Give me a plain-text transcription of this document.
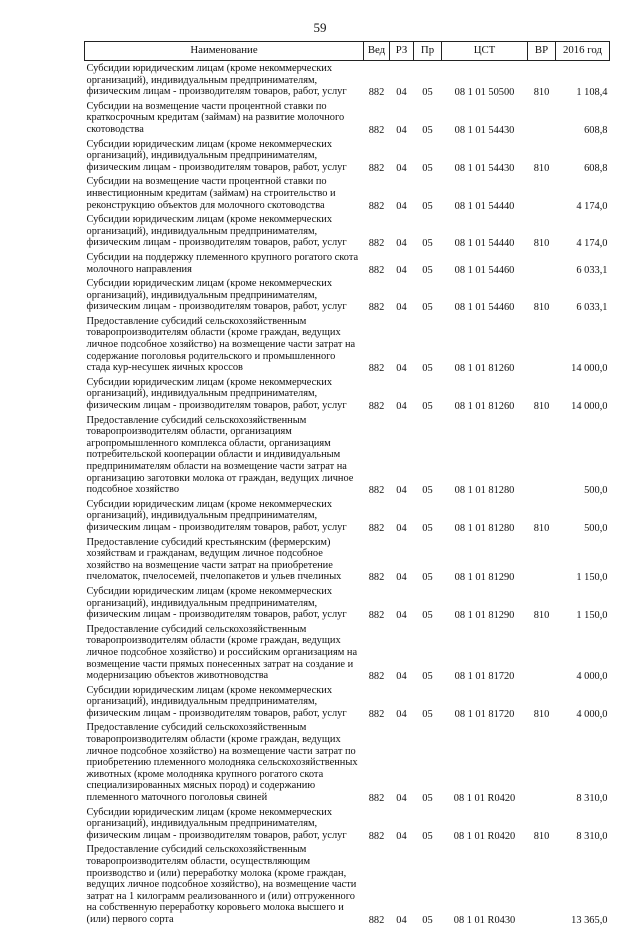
59
Наименование	Вед	РЗ	Пр	ЦСТ	ВР	2016 год
Субсидии юридическим лицам (кроме некоммерческих организаций), индивидуальным предпринимателям, физическим лицам - производителям товаров, работ, услуг	882	04	05	08 1 01 50500	810	1 108,4
Субсидии на возмещение части процентной ставки по краткосрочным кредитам (займам) на развитие молочного скотоводства	882	04	05	08 1 01 54430		608,8
Субсидии юридическим лицам (кроме некоммерческих организаций), индивидуальным предпринимателям, физическим лицам - производителям товаров, работ, услуг	882	04	05	08 1 01 54430	810	608,8
Субсидии на возмещение части процентной ставки по инвестиционным кредитам (займам) на строительство и реконструкцию объектов для молочного скотоводства	882	04	05	08 1 01 54440		4 174,0
Субсидии юридическим лицам (кроме некоммерческих организаций), индивидуальным предпринимателям, физическим лицам - производителям товаров, работ, услуг	882	04	05	08 1 01 54440	810	4 174,0
Субсидии на поддержку племенного крупного рогатого скота молочного направления	882	04	05	08 1 01 54460		6 033,1
Субсидии юридическим лицам (кроме некоммерческих организаций), индивидуальным предпринимателям, физическим лицам - производителям товаров, работ, услуг	882	04	05	08 1 01 54460	810	6 033,1
Предоставление субсидий сельскохозяйственным товаропроизводителям области (кроме граждан, ведущих личное подсобное хозяйство) на возмещение части затрат на содержание поголовья родительского и промышленного стада кур-несушек яичных кроссов	882	04	05	08 1 01 81260		14 000,0
Субсидии юридическим лицам (кроме некоммерческих организаций), индивидуальным предпринимателям, физическим лицам - производителям товаров, работ, услуг	882	04	05	08 1 01 81260	810	14 000,0
Предоставление субсидий сельскохозяйственным товаропроизводителям области, организациям агропромышленного комплекса области, организациям потребительской кооперации области и индивидуальным предпринимателям области на возмещение части затрат на организацию заготовки молока от граждан, ведущих личное подсобное хозяйство	882	04	05	08 1 01 81280		500,0
Субсидии юридическим лицам (кроме некоммерческих организаций), индивидуальным предпринимателям, физическим лицам - производителям товаров, работ, услуг	882	04	05	08 1 01 81280	810	500,0
Предоставление субсидий крестьянским (фермерским) хозяйствам и гражданам, ведущим личное подсобное хозяйство на возмещение части затрат на приобретение пчеломаток, пчелосемей, пчелопакетов и ульев пчелиных	882	04	05	08 1 01 81290		1 150,0
Субсидии юридическим лицам (кроме некоммерческих организаций), индивидуальным предпринимателям, физическим лицам - производителям товаров, работ, услуг	882	04	05	08 1 01 81290	810	1 150,0
Предоставление субсидий сельскохозяйственным товаропроизводителям области (кроме граждан, ведущих личное подсобное хозяйство) и российским организациям на возмещение части прямых понесенных затрат на создание и модернизацию объектов животноводства	882	04	05	08 1 01 81720		4 000,0
Субсидии юридическим лицам (кроме некоммерческих организаций), индивидуальным предпринимателям, физическим лицам - производителям товаров, работ, услуг	882	04	05	08 1 01 81720	810	4 000,0
Предоставление субсидий сельскохозяйственным товаропроизводителям области (кроме граждан, ведущих личное подсобное хозяйство) на возмещение части затрат по приобретению племенного молодняка сельскохозяйственных животных (кроме молодняка крупного рогатого скота специализированных мясных пород) и содержанию племенного маточного поголовья свиней	882	04	05	08 1 01 R0420		8 310,0
Субсидии юридическим лицам (кроме некоммерческих организаций), индивидуальным предпринимателям, физическим лицам - производителям товаров, работ, услуг	882	04	05	08 1 01 R0420	810	8 310,0
Предоставление субсидий сельскохозяйственным товаропроизводителям области, осуществляющим производство и (или) переработку молока (кроме граждан, ведущих личное подсобное хозяйство), на возмещение части затрат на 1 килограмм реализованного и (или) отгруженного на собственную переработку коровьего молока высшего и (или) первого сорта	882	04	05	08 1 01 R0430		13 365,0
